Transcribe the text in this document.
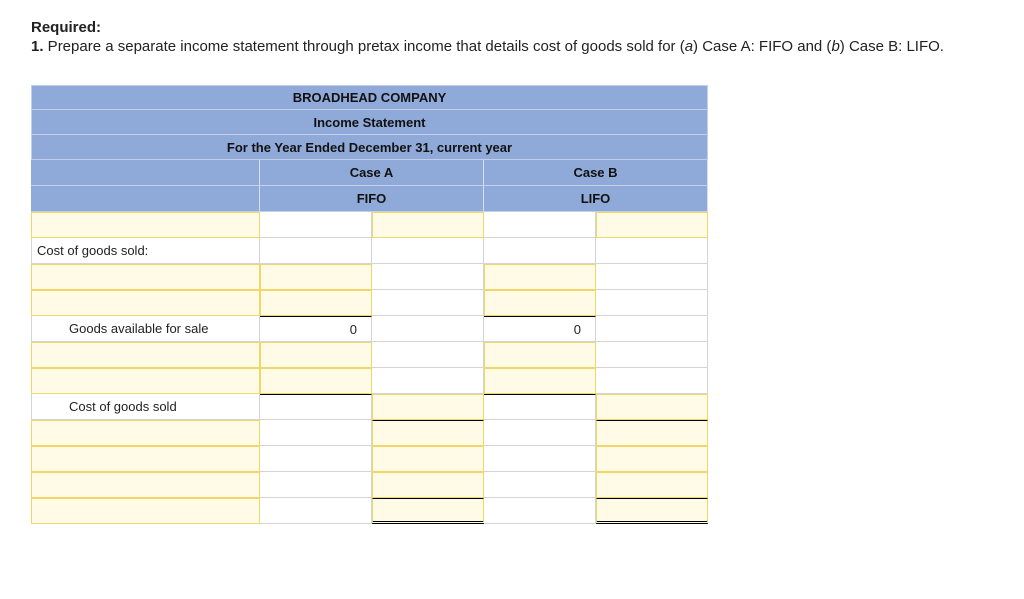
Required:
1. Prepare a separate income statement through pretax income that details cost of goods sold for (a) Case A: FIFO and (b) Case B: LIFO.
BROADHEAD COMPANY
Income Statement
For the Year Ended December 31, current year
Case A	Case B
FIFO	LIFO
Cost of goods sold:
Goods available for sale	0	0
Cost of goods sold
